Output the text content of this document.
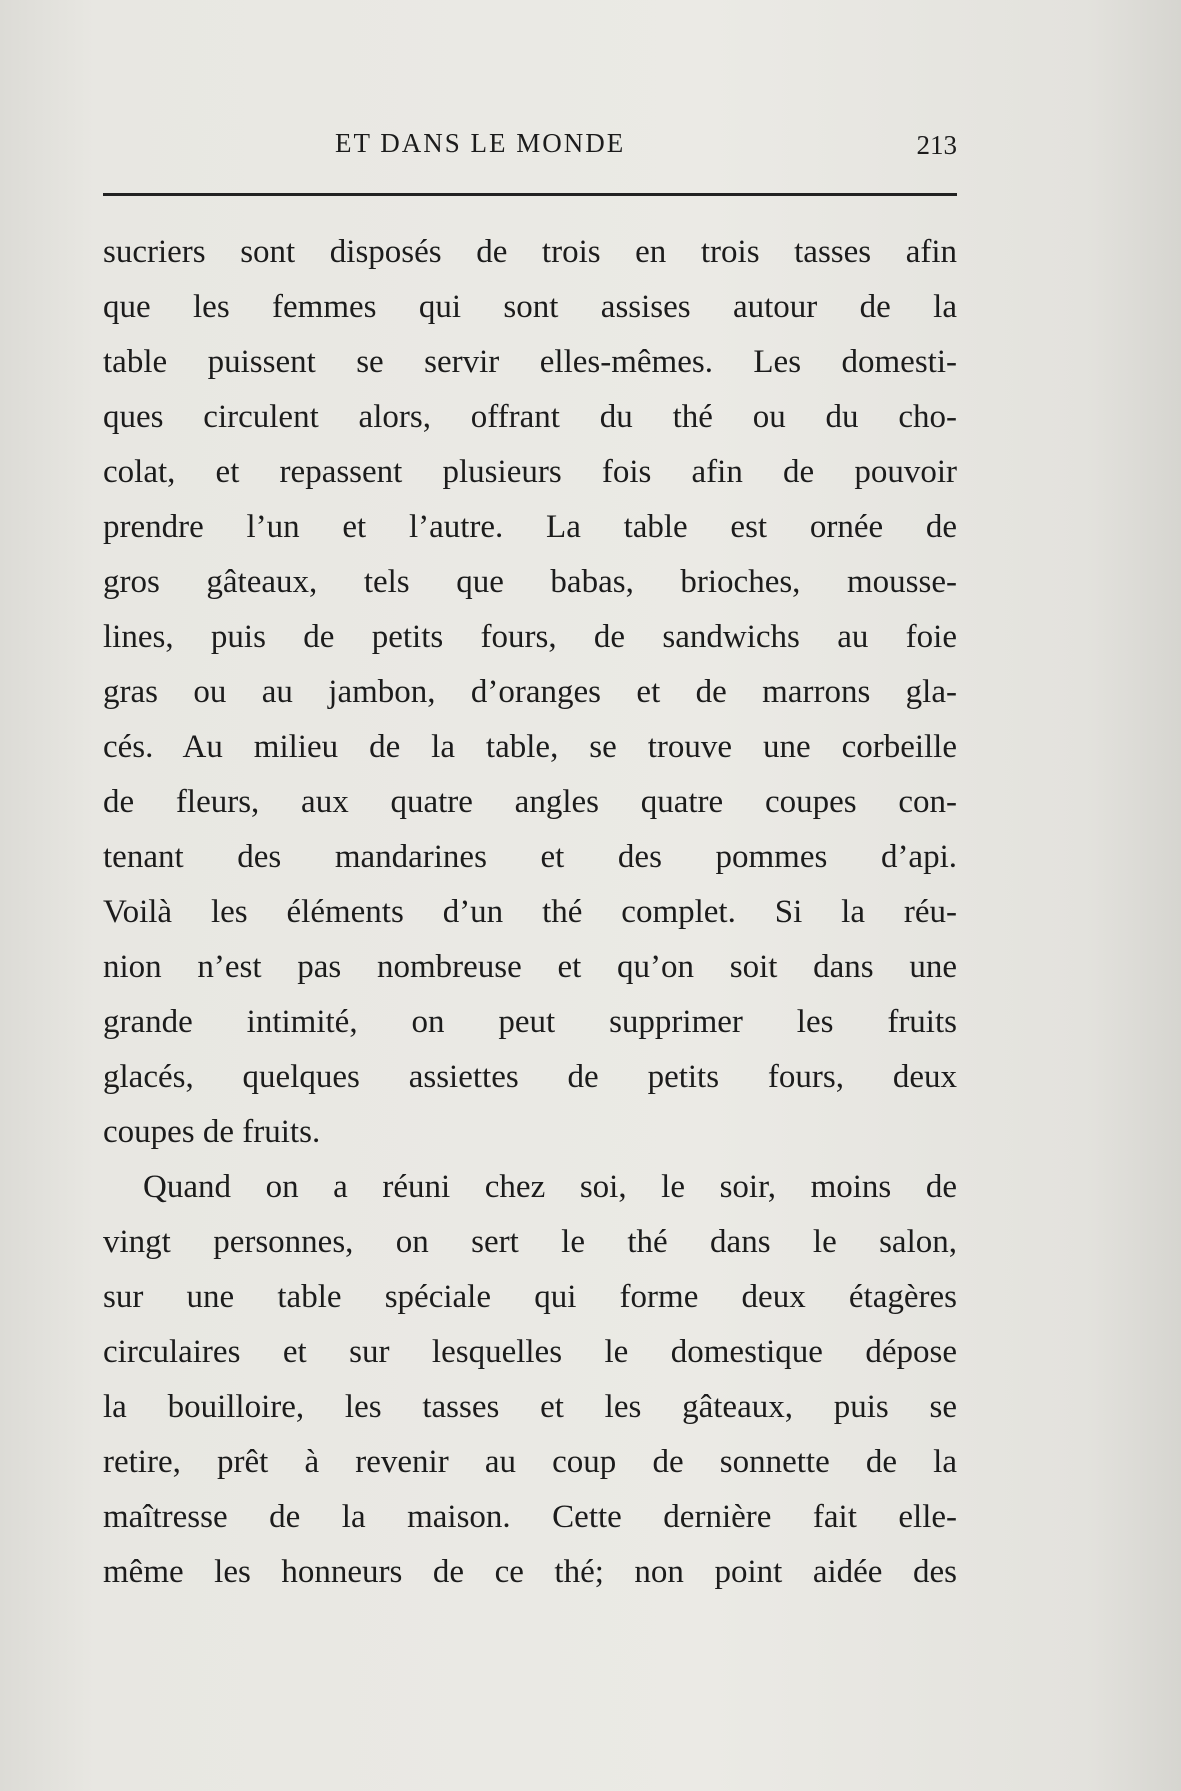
ET DANS LE MONDE	213
sucriers sont disposés de trois en trois tasses afin
que les femmes qui sont assises autour de la
table puissent se servir elles-mêmes. Les domesti-
ques circulent alors, offrant du thé ou du cho-
colat, et repassent plusieurs fois afin de pouvoir
prendre l’un et l’autre. La table est ornée de
gros gâteaux, tels que babas, brioches, mousse-
lines, puis de petits fours, de sandwichs au foie
gras ou au jambon, d’oranges et de marrons gla-
cés. Au milieu de la table, se trouve une corbeille
de fleurs, aux quatre angles quatre coupes con-
tenant des mandarines et des pommes d’api.
Voilà les éléments d’un thé complet. Si la réu-
nion n’est pas nombreuse et qu’on soit dans une
grande intimité, on peut supprimer les fruits
glacés, quelques assiettes de petits fours, deux
coupes de fruits.
Quand on a réuni chez soi, le soir, moins de
vingt personnes, on sert le thé dans le salon,
sur une table spéciale qui forme deux étagères
circulaires et sur lesquelles le domestique dépose
la bouilloire, les tasses et les gâteaux, puis se
retire, prêt à revenir au coup de sonnette de la
maîtresse de la maison. Cette dernière fait elle-
même les honneurs de ce thé; non point aidée des
